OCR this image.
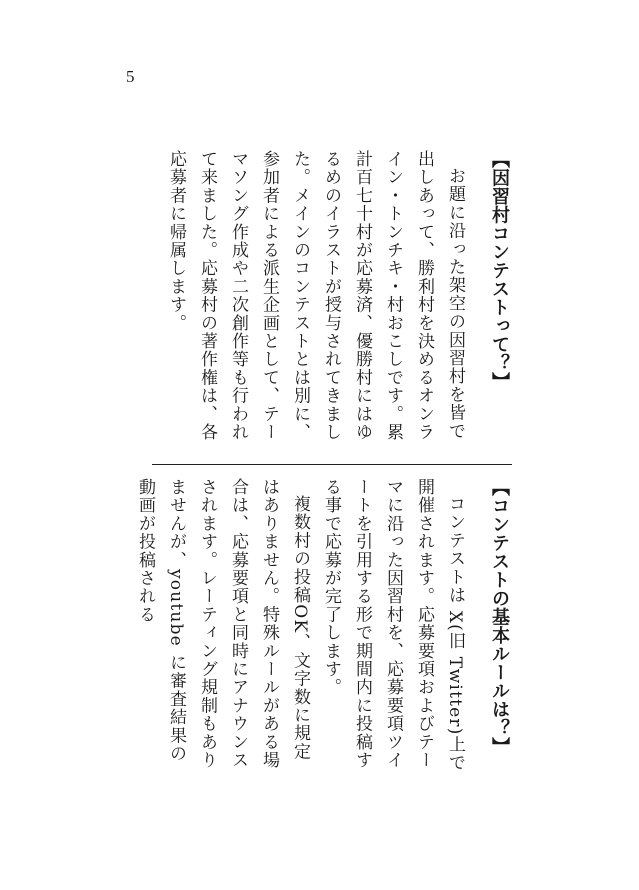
5
【因習村コンテストって？】

お題に沿った架空の因習村を皆で出しあって、勝利村を決めるオンライン・トンチキ・村おこしです。累計百七十村が応募済、優勝村にはゆるめのイラストが授与されてきました。メインのコンテストとは別に、参加者による派生企画として、テーマソング作成や二次創作等も行われて来ました。応募村の著作権は、各応募者に帰属します。

【コンテストの基本ルールは？】

コンテストは X(旧 Twitter)上で開催されます。応募要項およびテーマに沿った因習村を、応募要項ツイートを引用する形で期間内に投稿する事で応募が完了します。

複数村の投稿OK、文字数に規定はありません。特殊ルールがある場合は、応募要項と同時にアナウンスされます。レーティング規制もありませんが、youtube に審査結果の動画が投稿される
